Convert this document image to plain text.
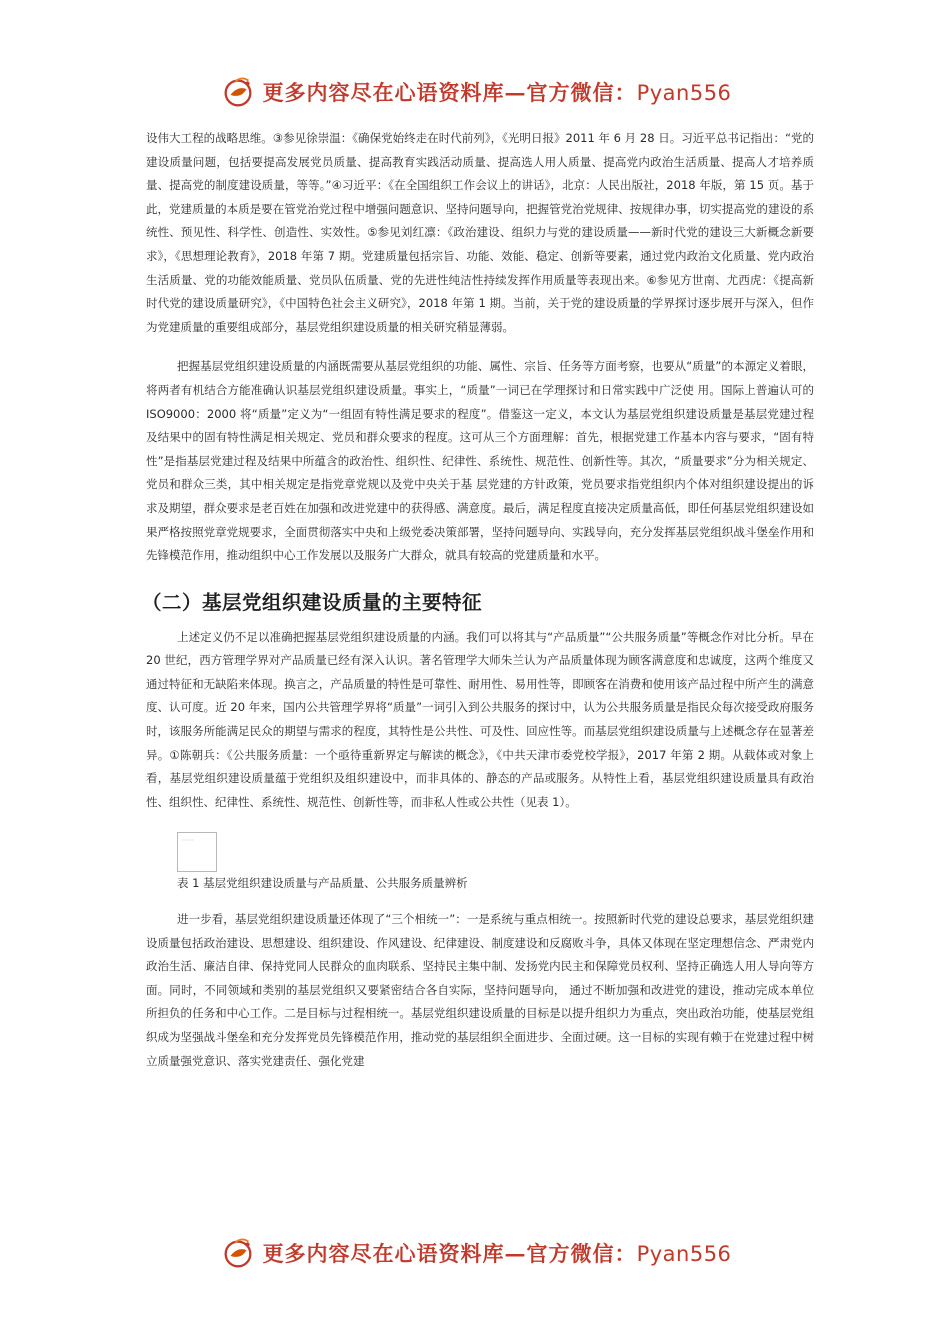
更多内容尽在心语资料库—官方微信：Pyan556

设伟大工程的战略思维。③参见徐崇温：《确保党始终走在时代前列》，《光明日报》2011 年 6 月 28 日。习近平总书记指出：“党的建设质量问题，包括要提高发展党员质量、提高教育实践活动质量、提高选人用人质量、提高党内政治生活质量、提高人才培养质量、提高党的制度建设质量，等等。”④习近平：《在全国组织工作会议上的讲话》，北京：人民出版社，2018 年版，第 15 页。基于此，党建质量的本质是要在管党治党过程中增强问题意识、坚持问题导向，把握管党治党规律、按规律办事，切实提高党的建设的系统性、预见性、科学性、创造性、实效性。⑤参见刘红凛：《政治建设、组织力与党的建设质量——新时代党的建设三大新概念新要求》，《思想理论教育》，2018 年第 7 期。党建质量包括宗旨、功能、效能、稳定、创新等要素，通过党内政治文化质量、党内政治生活质量、党的功能效能质量、党员队伍质量、党的先进性纯洁性持续发挥作用质量等表现出来。⑥参见方世南、尤西虎：《提高新时代党的建设质量研究》，《中国特色社会主义研究》，2018 年第 1 期。当前，关于党的建设质量的学界探讨逐步展开与深入，但作为党建质量的重要组成部分，基层党组织建设质量的相关研究稍显薄弱。

把握基层党组织建设质量的内涵既需要从基层党组织的功能、属性、宗旨、任务等方面考察，也要从“质量”的本源定义着眼，将两者有机结合方能准确认识基层党组织建设质量。事实上，“质量”一词已在学理探讨和日常实践中广泛使 用。国际上普遍认可的 ISO9000：2000 将“质量”定义为“一组固有特性满足要求的程度”。借鉴这一定义，本文认为基层党组织建设质量是基层党建过程及结果中的固有特性满足相关规定、党员和群众要求的程度。这可从三个方面理解：首先，根据党建工作基本内容与要求，“固有特性”是指基层党建过程及结果中所蕴含的政治性、组织性、纪律性、系统性、规范性、创新性等。其次，“质量要求”分为相关规定、党员和群众三类，其中相关规定是指党章党规以及党中央关于基 层党建的方针政策，党员要求指党组织内个体对组织建设提出的诉求及期望，群众要求是老百姓在加强和改进党建中的获得感、满意度。最后，满足程度直接决定质量高低，即任何基层党组织建设如果严格按照党章党规要求，全面贯彻落实中央和上级党委决策部署，坚持问题导向、实践导向，充分发挥基层党组织战斗堡垒作用和先锋模范作用，推动组织中心工作发展以及服务广大群众，就具有较高的党建质量和水平。

（二）基层党组织建设质量的主要特征

上述定义仍不足以准确把握基层党组织建设质量的内涵。我们可以将其与“产品质量”“公共服务质量”等概念作对比分析。早在 20 世纪，西方管理学界对产品质量已经有深入认识。著名管理学大师朱兰认为产品质量体现为顾客满意度和忠诚度，这两个维度又通过特征和无缺陷来体现。换言之，产品质量的特性是可靠性、耐用性、易用性等，即顾客在消费和使用该产品过程中所产生的满意度、认可度。近 20 年来，国内公共管理学界将“质量”一词引入到公共服务的探讨中，认为公共服务质量是指民众每次接受政府服务时，该服务所能满足民众的期望与需求的程度，其特性是公共性、可及性、回应性等。而基层党组织建设质量与上述概念存在显著差异。①陈朝兵：《公共服务质量：一个亟待重新界定与解读的概念》，《中共天津市委党校学报》，2017 年第 2 期。从载体或对象上看，基层党组织建设质量蕴于党组织及组织建设中，而非具体的、静态的产品或服务。从特性上看，基层党组织建设质量具有政治性、组织性、纪律性、系统性、规范性、创新性等，而非私人性或公共性（见表 1）。

表 1 基层党组织建设质量与产品质量、公共服务质量辨析

进一步看，基层党组织建设质量还体现了“三个相统一”：一是系统与重点相统一。按照新时代党的建设总要求，基层党组织建设质量包括政治建设、思想建设、组织建设、作风建设、纪律建设、制度建设和反腐败斗争，具体又体现在坚定理想信念、严肃党内政治生活、廉洁自律、保持党同人民群众的血肉联系、坚持民主集中制、发扬党内民主和保障党员权利、坚持正确选人用人导向等方面。同时，不同领域和类别的基层党组织又要紧密结合各自实际，坚持问题导向， 通过不断加强和改进党的建设，推动完成本单位所担负的任务和中心工作。二是目标与过程相统一。基层党组织建设质量的目标是以提升组织力为重点，突出政治功能，使基层党组织成为坚强战斗堡垒和充分发挥党员先锋模范作用，推动党的基层组织全面进步、全面过硬。这一目标的实现有赖于在党建过程中树立质量强党意识、落实党建责任、强化党建

更多内容尽在心语资料库—官方微信：Pyan556
